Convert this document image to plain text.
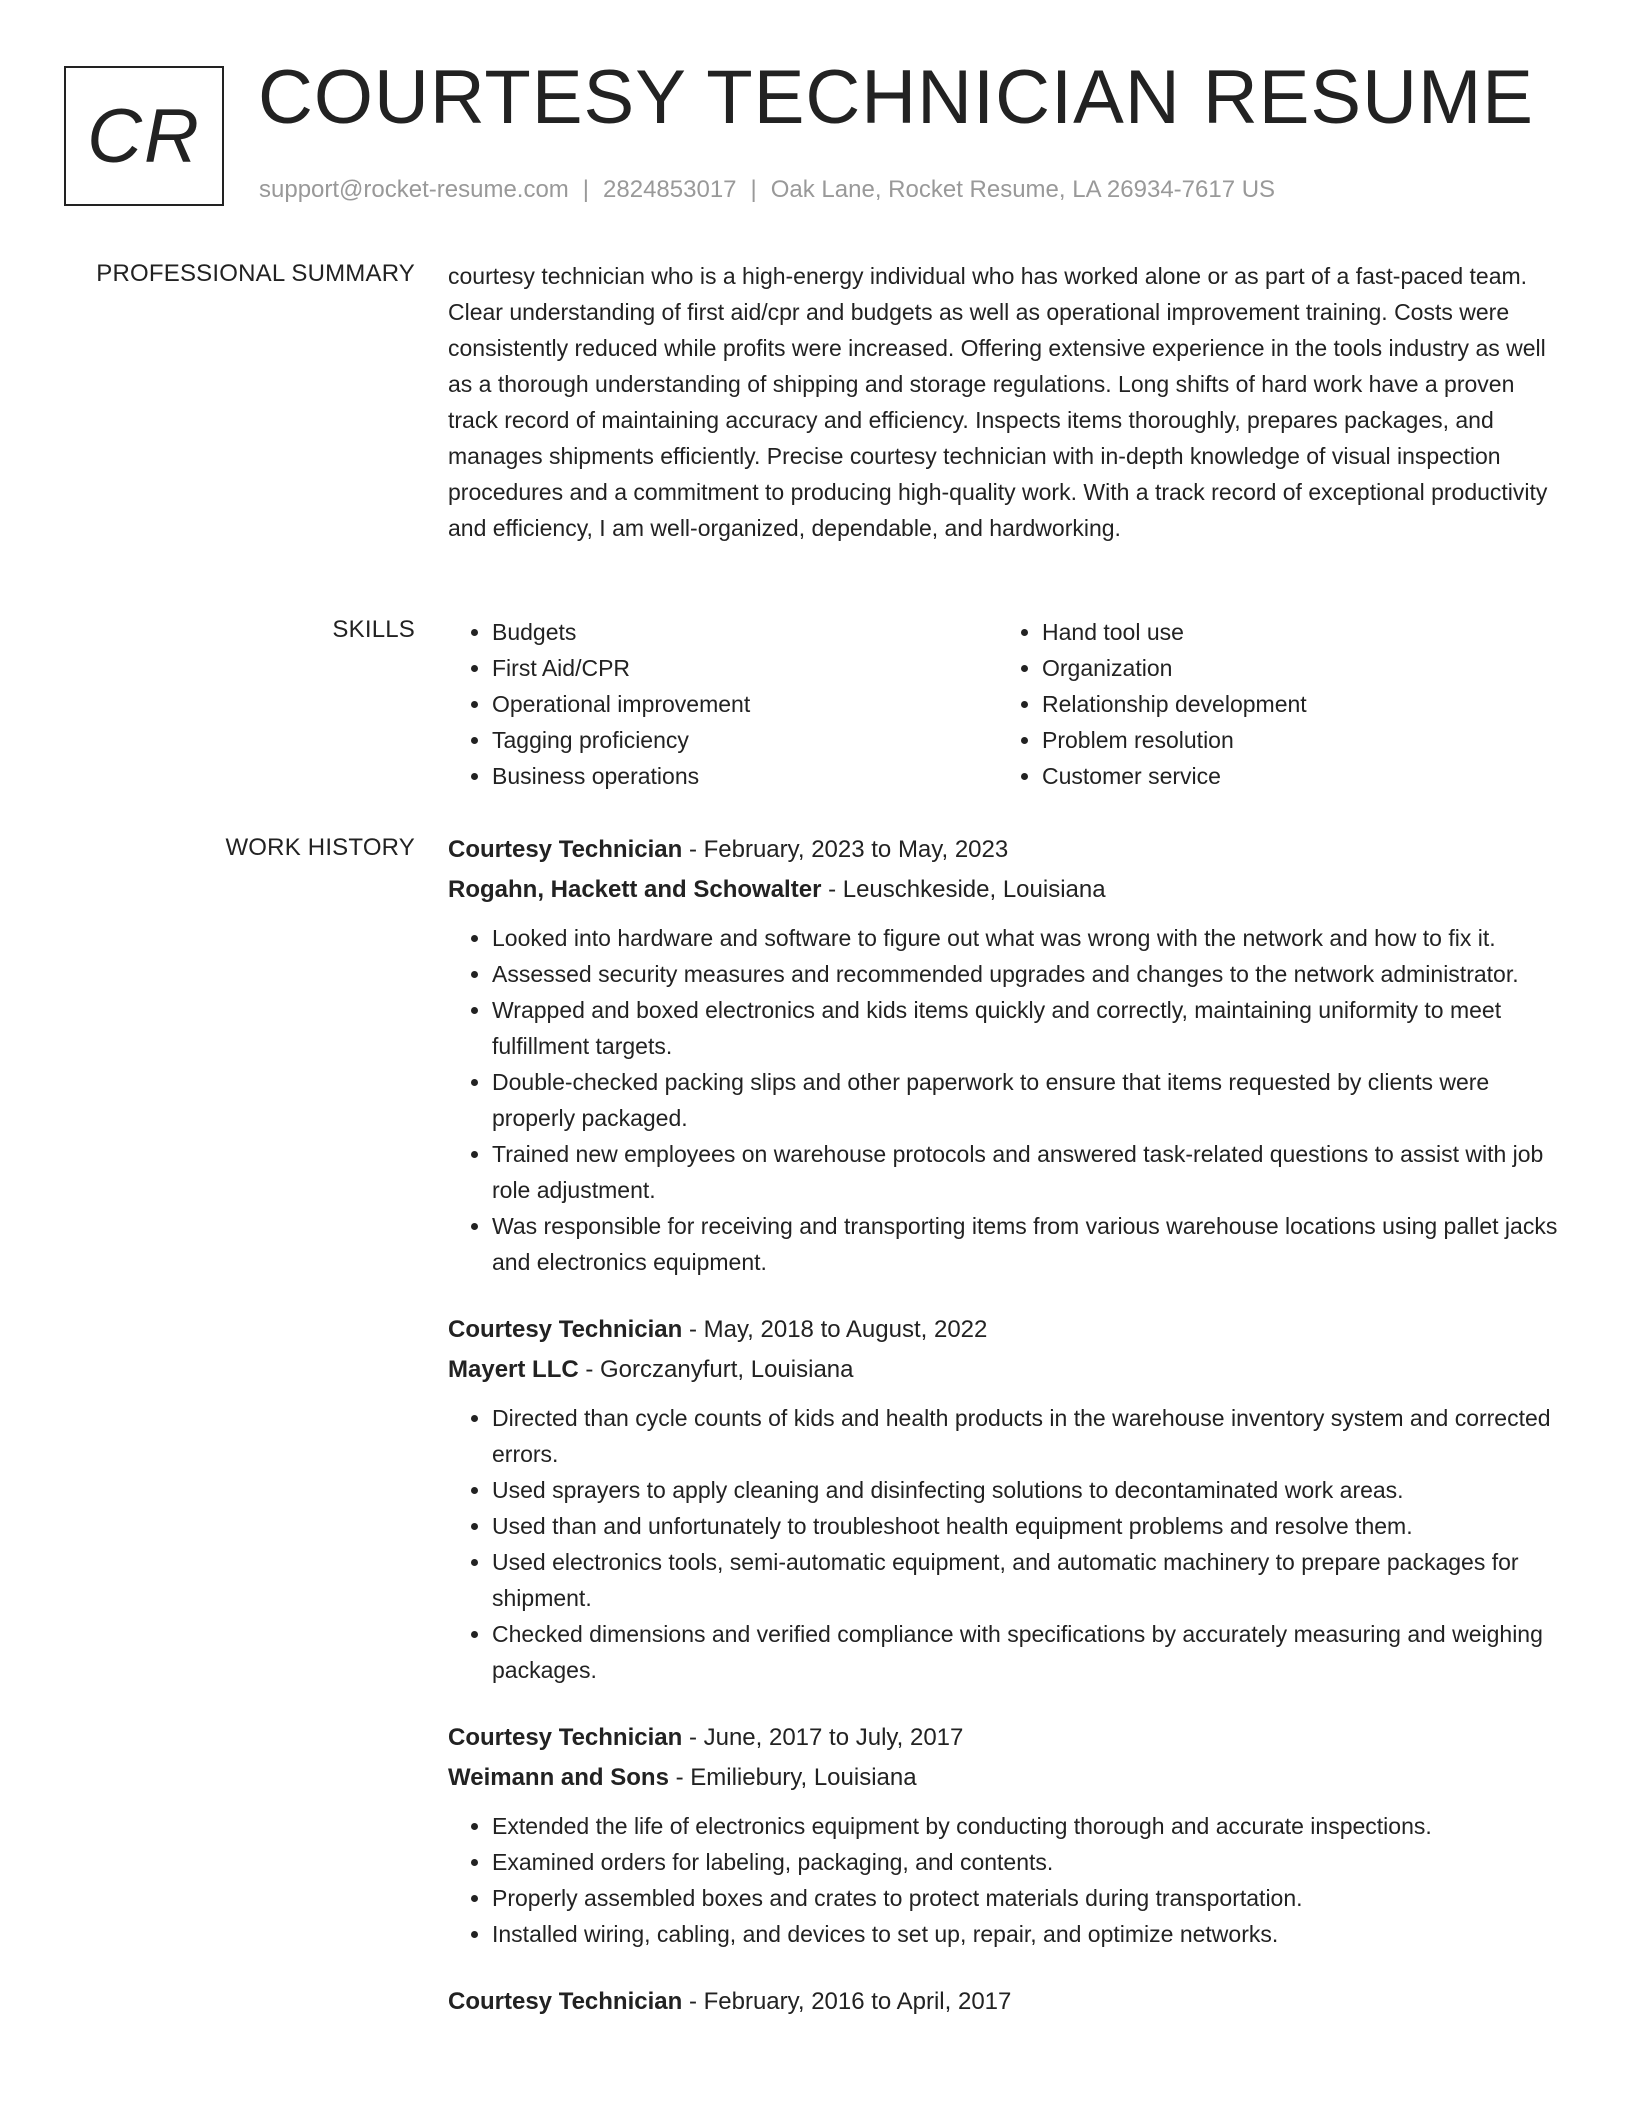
CR COURTESY TECHNICIAN RESUME
support@rocket-resume.com | 2824853017 | Oak Lane, Rocket Resume, LA 26934-7617 US
PROFESSIONAL SUMMARY courtesy technician who is a high-energy individual who has worked alone or as part of a fast-paced team. Clear understanding of first aid/cpr and budgets as well as operational improvement training. Costs were consistently reduced while profits were increased. Offering extensive experience in the tools industry as well as a thorough understanding of shipping and storage regulations. Long shifts of hard work have a proven track record of maintaining accuracy and efficiency. Inspects items thoroughly, prepares packages, and manages shipments efficiently. Precise courtesy technician with in-depth knowledge of visual inspection procedures and a commitment to producing high-quality work. With a track record of exceptional productivity and efficiency, I am well-organized, dependable, and hardworking.

SKILLS
•	Budgets
• First Aid/CPR
• Operational improvement
• Tagging proficiency
• Business operations
• Hand tool use
• Organization
• Relationship development
• Problem resolution
• Customer service
WORK HISTORY Courtesy Technician - February, 2023 to May, 2023
Rogahn, Hackett and Schowalter - Leuschkeside, Louisiana
• Looked into hardware and software to figure out what was wrong with the network and how to fix it.
• Assessed security measures and recommended upgrades and changes to the network administrator.
• Wrapped and boxed electronics and kids items quickly and correctly, maintaining uniformity to meet fulfillment targets.
• Double-checked packing slips and other paperwork to ensure that items requested by clients were properly packaged.
• Trained new employees on warehouse protocols and answered task-related questions to assist with job role adjustment.
• Was responsible for receiving and transporting items from various warehouse locations using pallet jacks and electronics equipment.
Courtesy Technician - May, 2018 to August, 2022
Mayert LLC - Gorczanyfurt, Louisiana
• Directed than cycle counts of kids and health products in the warehouse inventory system and corrected errors.
• Used sprayers to apply cleaning and disinfecting solutions to decontaminated work areas.
• Used than and unfortunately to troubleshoot health equipment problems and resolve them.
• Used electronics tools, semi-automatic equipment, and automatic machinery to prepare packages for shipment.
• Checked dimensions and verified compliance with specifications by accurately measuring and weighing packages.
Courtesy Technician - June, 2017 to July, 2017
Weimann and Sons - Emiliebury, Louisiana
• Extended the life of electronics equipment by conducting thorough and accurate inspections.
• Examined orders for labeling, packaging, and contents.
• Properly assembled boxes and crates to protect materials during transportation.
• Installed wiring, cabling, and devices to set up, repair, and optimize networks.
Courtesy Technician - February, 2016 to April, 2017
